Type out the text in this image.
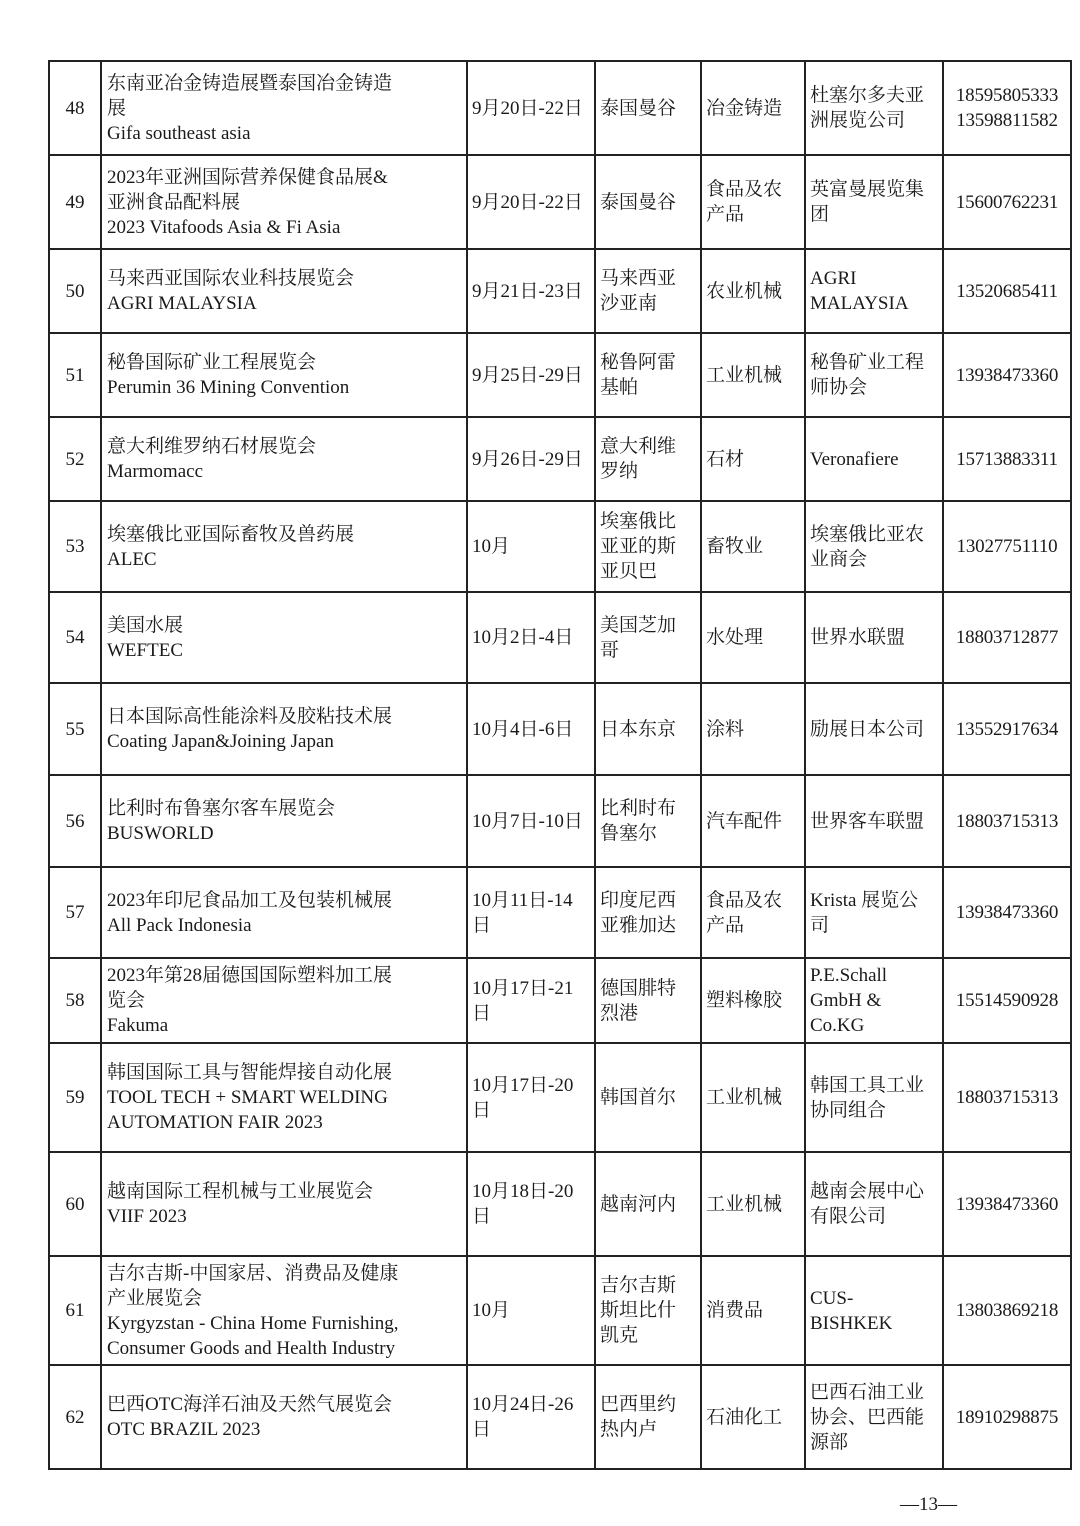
48	东南亚冶金铸造展暨泰国冶金铸造
展
Gifa southeast asia	9月20日-22日	泰国曼谷	冶金铸造	杜塞尔多夫亚
洲展览公司	18595805333
13598811582

49	2023年亚洲国际营养保健食品展&
亚洲食品配料展
2023 Vitafoods Asia & Fi Asia	9月20日-22日	泰国曼谷	食品及农
产品	英富曼展览集
团	15600762231

50	马来西亚国际农业科技展览会
AGRI MALAYSIA	9月21日-23日	马来西亚
沙亚南	农业机械	AGRI
MALAYSIA	13520685411

51	秘鲁国际矿业工程展览会
Perumin 36 Mining Convention	9月25日-29日	秘鲁阿雷
基帕	工业机械	秘鲁矿业工程
师协会	13938473360

52	意大利维罗纳石材展览会
Marmomacc	9月26日-29日	意大利维
罗纳	石材	Veronafiere	15713883311

53	埃塞俄比亚国际畜牧及兽药展
ALEC	10月	埃塞俄比
亚亚的斯
亚贝巴	畜牧业	埃塞俄比亚农
业商会	13027751110

54	美国水展
WEFTEC	10月2日-4日	美国芝加
哥	水处理	世界水联盟	18803712877

55	日本国际高性能涂料及胶粘技术展
Coating Japan&Joining Japan	10月4日-6日	日本东京	涂料	励展日本公司	13552917634

56	比利时布鲁塞尔客车展览会
BUSWORLD	10月7日-10日	比利时布
鲁塞尔	汽车配件	世界客车联盟	18803715313

57	2023年印尼食品加工及包装机械展
All Pack Indonesia	10月11日-14
日	印度尼西
亚雅加达	食品及农
产品	Krista 展览公
司	13938473360

58	2023年第28届德国国际塑料加工展
览会
Fakuma	10月17日-21
日	德国腓特
烈港	塑料橡胶	P.E.Schall
GmbH &
Co.KG	15514590928

59	韩国国际工具与智能焊接自动化展
TOOL TECH + SMART WELDING
AUTOMATION FAIR 2023	10月17日-20
日	韩国首尔	工业机械	韩国工具工业
协同组合	18803715313

60	越南国际工程机械与工业展览会
VIIF 2023	10月18日-20
日	越南河内	工业机械	越南会展中心
有限公司	13938473360

61	吉尔吉斯-中国家居、消费品及健康
产业展览会
Kyrgyzstan - China Home Furnishing,
Consumer Goods and Health Industry	10月	吉尔吉斯
斯坦比什
凯克	消费品	CUS-
BISHKEK	13803869218

62	巴西OTC海洋石油及天然气展览会
OTC BRAZIL 2023	10月24日-26
日	巴西里约
热内卢	石油化工	巴西石油工业
协会、巴西能
源部	18910298875
—13—
